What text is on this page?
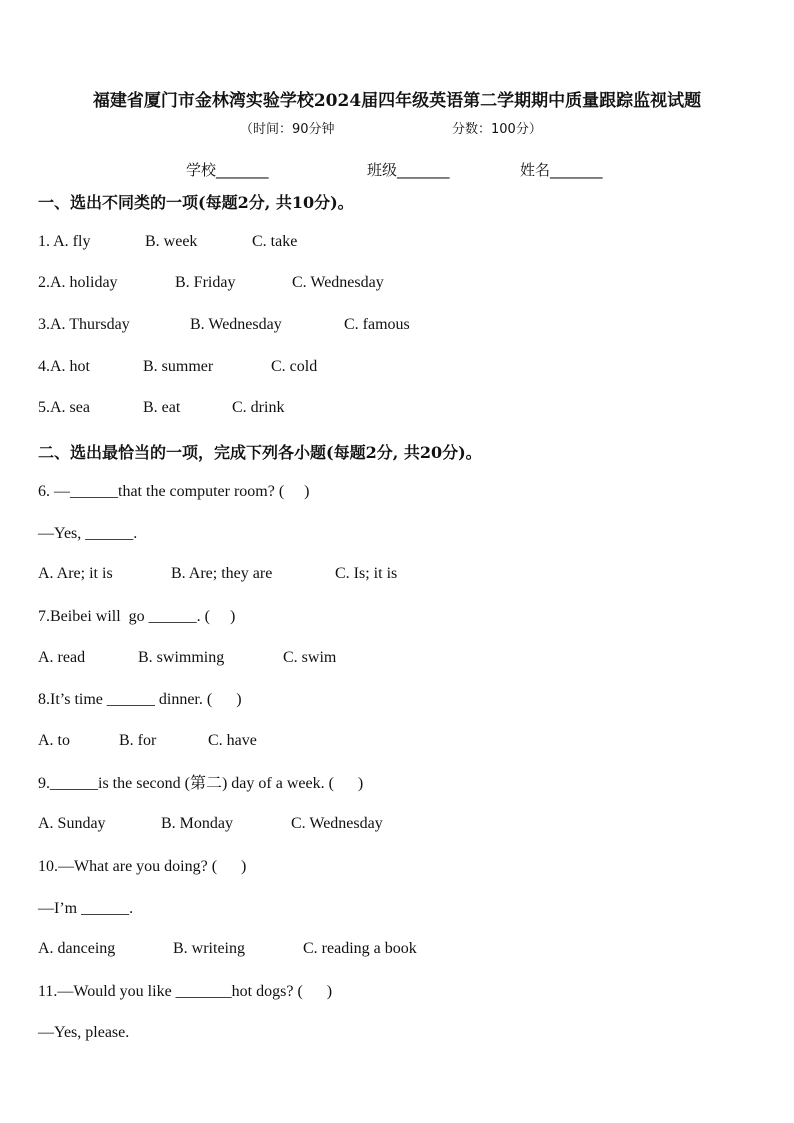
福建省厦门市金林湾实验学校2024届四年级英语第二学期期中质量跟踪监视试题
（时间：90分钟	分数：100分）
学校_______	班级_______	姓名_______
一、选出不同类的一项(每题2分, 共10分)。
1. A. fly	B. week	C. take
2.A. holiday	B. Friday	C. Wednesday
3.A. Thursday	B. Wednesday	C. famous
4.A. hot	B. summer	C. cold
5.A. sea	B. eat	C. drink
二、选出最恰当的一项，完成下列各小题(每题2分, 共20分)。
6. —______that the computer room? (     )
—Yes, ______.
A. Are; it is	B. Are; they are	C. Is; it is
7.Beibei will  go ______. (     )
A. read	B. swimming	C. swim
8.It’s time ______ dinner. (      )
A. to	B. for	C. have
9.______is the second (第二) day of a week. (      )
A. Sunday	B. Monday	C. Wednesday
10.—What are you doing? (      )
—I’m ______.
A. danceing	B. writeing	C. reading a book
11.—Would you like _______hot dogs? (      )
—Yes, please.
